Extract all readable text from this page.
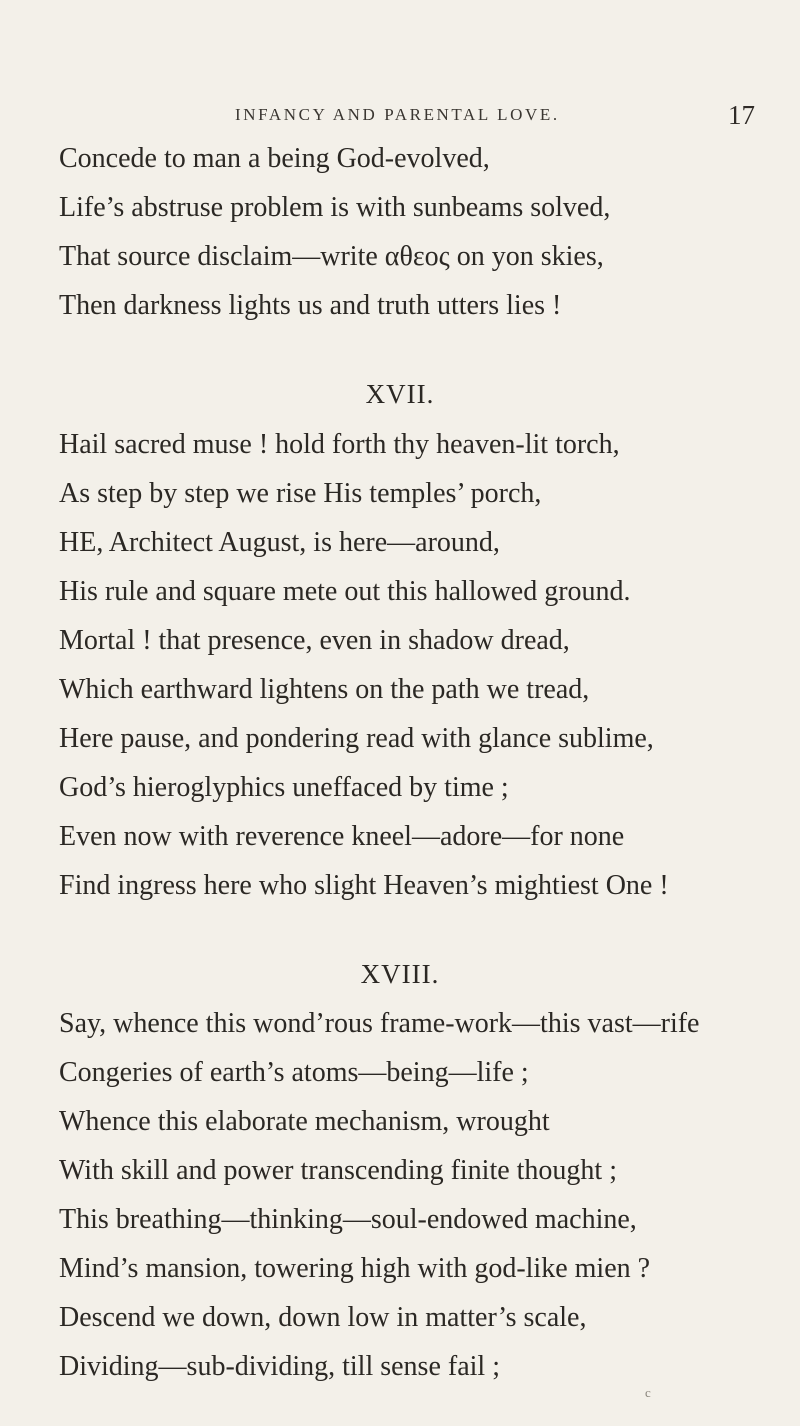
INFANCY AND PARENTAL LOVE.	17
Concede to man a being God-evolved,
Life’s abstruse problem is with sunbeams solved,
That source disclaim—write αθεος on yon skies,
Then darkness lights us and truth utters lies !
XVII.
Hail sacred muse ! hold forth thy heaven-lit torch,
As step by step we rise His temples’ porch,
HE, Architect August, is here—around,
His rule and square mete out this hallowed ground.
Mortal ! that presence, even in shadow dread,
Which earthward lightens on the path we tread,
Here pause, and pondering read with glance sublime,
God’s hieroglyphics uneffaced by time ;
Even now with reverence kneel—adore—for none
Find ingress here who slight Heaven’s mightiest One !
XVIII.
Say, whence this wond’rous frame-work—this vast—rife
Congeries of earth’s atoms—being—life ;
Whence this elaborate mechanism, wrought
With skill and power transcending finite thought ;
This breathing—thinking—soul-endowed machine,
Mind’s mansion, towering high with god-like mien ?
Descend we down, down low in matter’s scale,
Dividing—sub-dividing, till sense fail ;
c
